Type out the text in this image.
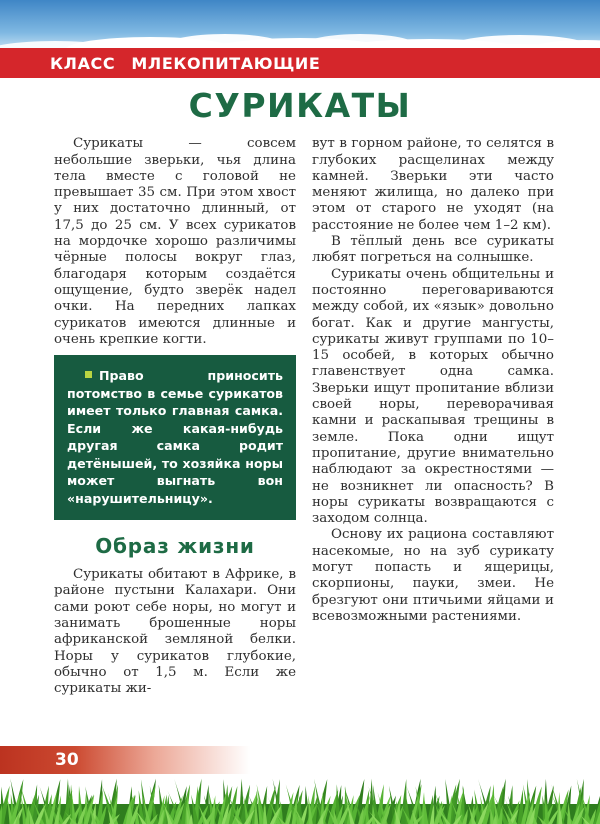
КЛАСС МЛЕКОПИТАЮЩИЕ
СУРИКАТЫ

Сурикаты — совсем небольшие зверьки, чья длина тела вместе с головой не превышает 35 см. При этом хвост у них достаточно длинный, от 17,5 до 25 см. У всех сурикатов на мордочке хорошо различимы чёрные полосы вокруг глаз, благодаря которым создаётся ощущение, будто зверёк надел очки. На передних лапках сурикатов имеются длинные и очень крепкие когти.

Право приносить потомство в семье сурикатов имеет только главная самка. Если же какая-нибудь другая самка родит детёнышей, то хозяйка норы может выгнать вон «нарушительницу».

Образ жизни

Сурикаты обитают в Африке, в районе пустыни Калахари. Они сами роют себе норы, но могут и занимать брошенные норы африканской земляной белки. Норы у сурикатов глубокие, обычно от 1,5 м. Если же сурикаты жи-

вут в горном районе, то селятся в глубоких расщелинах между камней. Зверьки эти часто меняют жилища, но далеко при этом от старого не уходят (на расстояние не более чем 1–2 км).

В тёплый день все сурикаты любят погреться на солнышке.

Сурикаты очень общительны и постоянно переговариваются между собой, их «язык» довольно богат. Как и другие мангусты, сурикаты живут группами по 10–15 особей, в которых обычно главенствует одна самка. Зверьки ищут пропитание вблизи своей норы, переворачивая камни и раскапывая трещины в земле. Пока одни ищут пропитание, другие внимательно наблюдают за окрестностями — не возникнет ли опасность? В норы сурикаты возвращаются с заходом солнца.

Основу их рациона составляют насекомые, но на зуб сурикату могут попасть и ящерицы, скорпионы, пауки, змеи. Не брезгуют они птичьими яйцами и всевозможными растениями.

30
